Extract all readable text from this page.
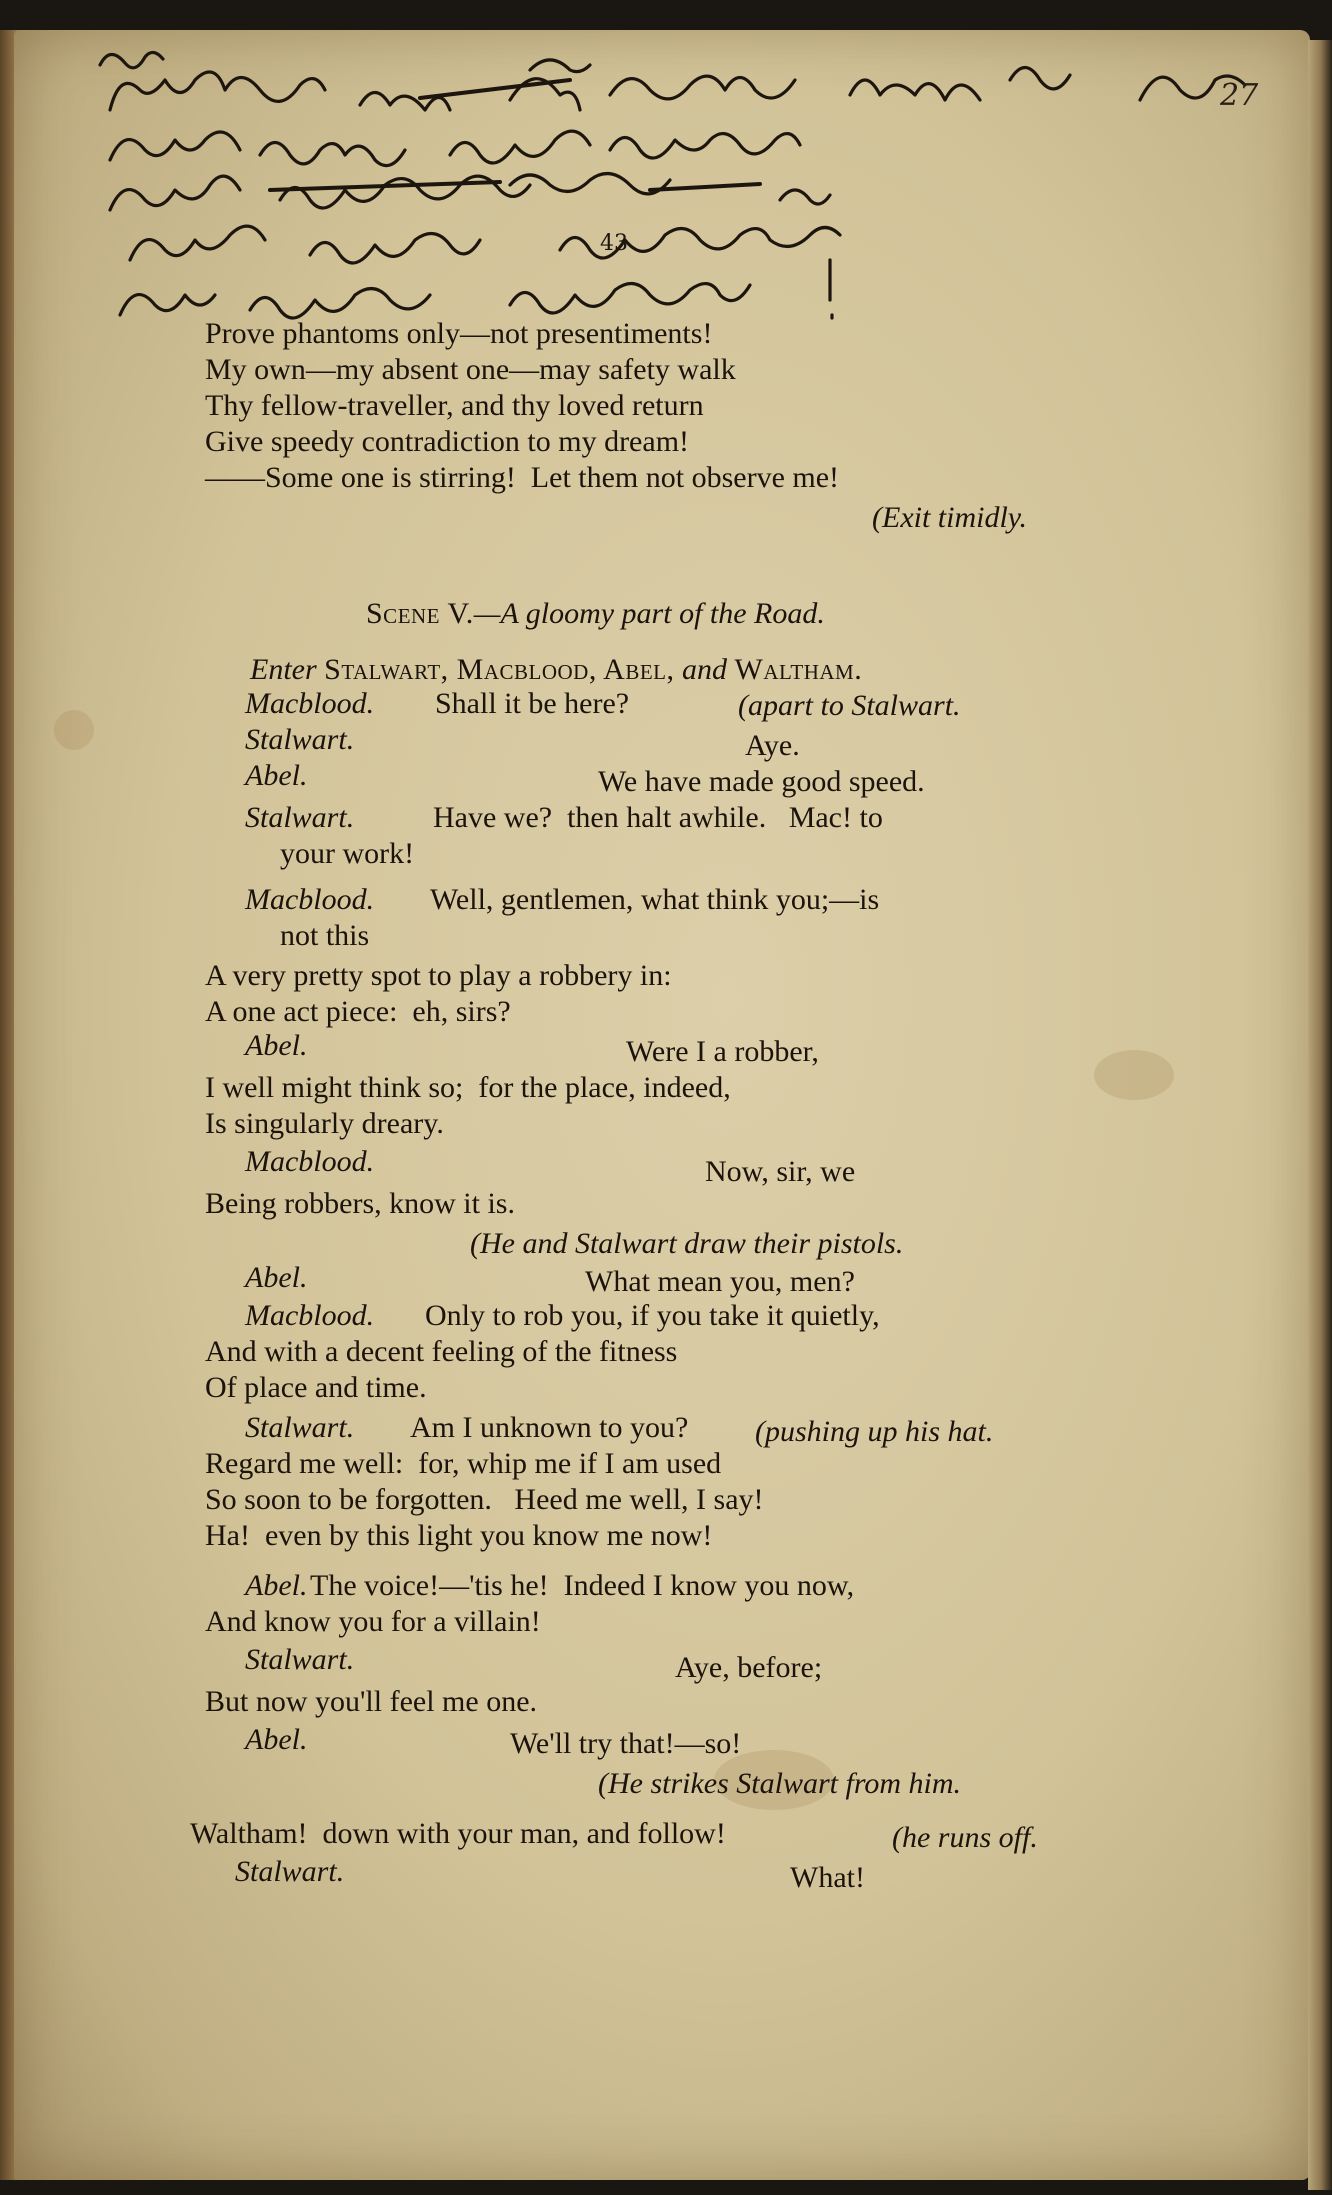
43
27
Prove phantoms only—not presentiments!
My own—my absent one—may safety walk
Thy fellow-traveller, and thy loved return
Give speedy contradiction to my dream!
——Some one is stirring!  Let them not observe me!
(Exit timidly.

Scene V.—A gloomy part of the Road.

Enter Stalwart, Macblood, Abel, and Waltham.

Macblood. Shall it be here?	(apart to Stalwart.
Stalwart.	Aye.
Abel.	We have made good speed.
Stalwart.	Have we?  then halt awhile.   Mac! to
your work!
Macblood. Well, gentlemen, what think you;—is
not this
A very pretty spot to play a robbery in:
A one act piece:  eh, sirs?
Abel.	Were I a robber,
I well might think so;  for the place, indeed,
Is singularly dreary.
Macblood.	Now, sir, we
Being robbers, know it is.
(He and Stalwart draw their pistols.
Abel.	What mean you, men?
Macblood. Only to rob you, if you take it quietly,
And with a decent feeling of the fitness
Of place and time.
Stalwart. Am I unknown to you? (pushing up his hat.
Regard me well:  for, whip me if I am used
So soon to be forgotten.   Heed me well, I say!
Ha!  even by this light you know me now!
Abel. The voice!—'tis he!  Indeed I know you now,
And know you for a villain!
Stalwart.	Aye, before;
But now you'll feel me one.
Abel.	We'll try that!—so!
(He strikes Stalwart from him.
Waltham!  down with your man, and follow!	(he runs off.
Stalwart.	What!
